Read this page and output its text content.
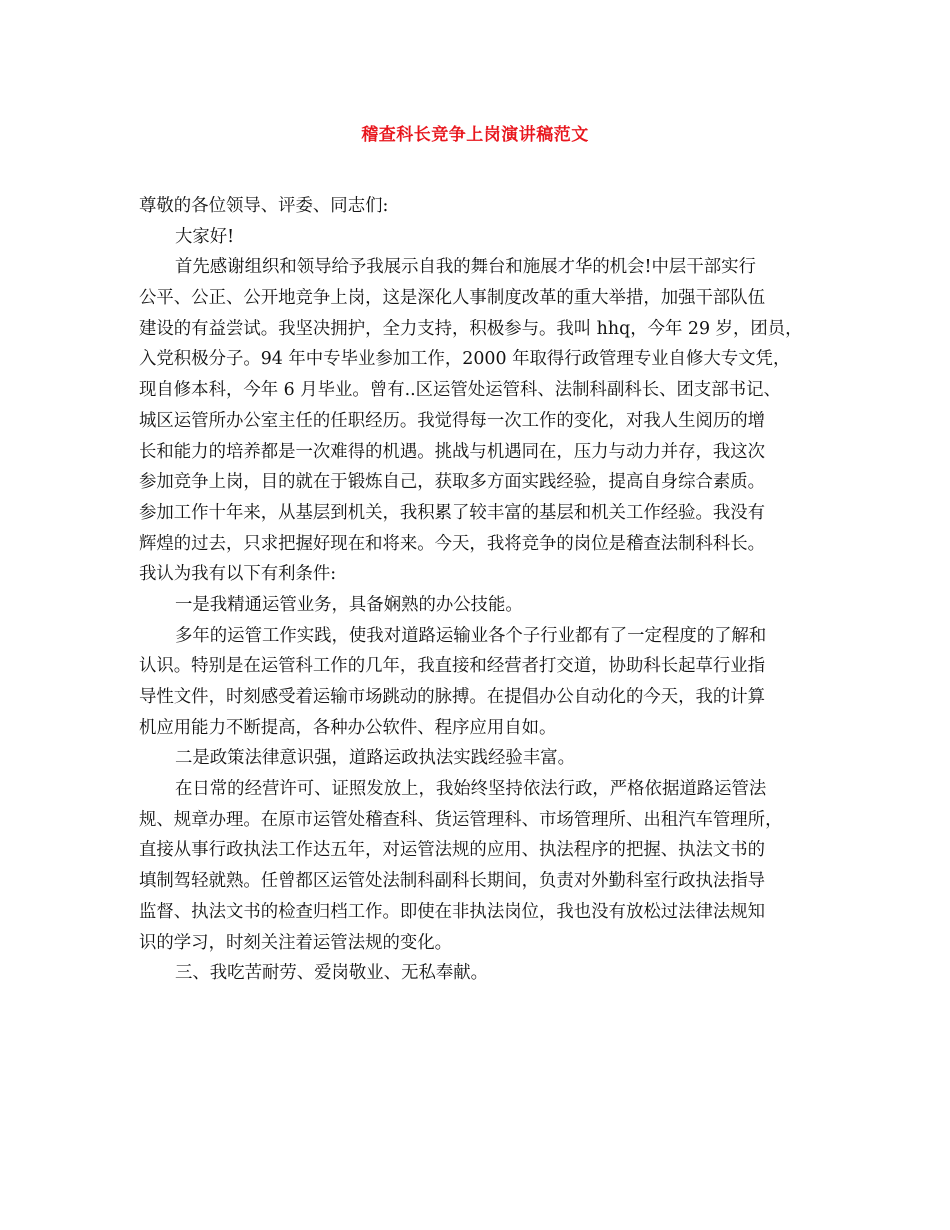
稽查科长竞争上岗演讲稿范文
尊敬的各位领导、评委、同志们:
大家好!
首先感谢组织和领导给予我展示自我的舞台和施展才华的机会!中层干部实行
公平、公正、公开地竞争上岗，这是深化人事制度改革的重大举措，加强干部队伍
建设的有益尝试。我坚决拥护，全力支持，积极参与。我叫 hhq，今年 29 岁，团员，
入党积极分子。94 年中专毕业参加工作，2000 年取得行政管理专业自修大专文凭，
现自修本科，今年 6 月毕业。曾有..区运管处运管科、法制科副科长、团支部书记、
城区运管所办公室主任的任职经历。我觉得每一次工作的变化，对我人生阅历的增
长和能力的培养都是一次难得的机遇。挑战与机遇同在，压力与动力并存，我这次
参加竞争上岗，目的就在于锻炼自己，获取多方面实践经验，提高自身综合素质。
参加工作十年来，从基层到机关，我积累了较丰富的基层和机关工作经验。我没有
辉煌的过去，只求把握好现在和将来。今天，我将竞争的岗位是稽查法制科科长。
我认为我有以下有利条件:
一是我精通运管业务，具备娴熟的办公技能。
多年的运管工作实践，使我对道路运输业各个子行业都有了一定程度的了解和
认识。特别是在运管科工作的几年，我直接和经营者打交道，协助科长起草行业指
导性文件，时刻感受着运输市场跳动的脉搏。在提倡办公自动化的今天，我的计算
机应用能力不断提高，各种办公软件、程序应用自如。
二是政策法律意识强，道路运政执法实践经验丰富。
在日常的经营许可、证照发放上，我始终坚持依法行政，严格依据道路运管法
规、规章办理。在原市运管处稽查科、货运管理科、市场管理所、出租汽车管理所，
直接从事行政执法工作达五年，对运管法规的应用、执法程序的把握、执法文书的
填制驾轻就熟。任曾都区运管处法制科副科长期间，负责对外勤科室行政执法指导
监督、执法文书的检查归档工作。即使在非执法岗位，我也没有放松过法律法规知
识的学习，时刻关注着运管法规的变化。
三、我吃苦耐劳、爱岗敬业、无私奉献。
